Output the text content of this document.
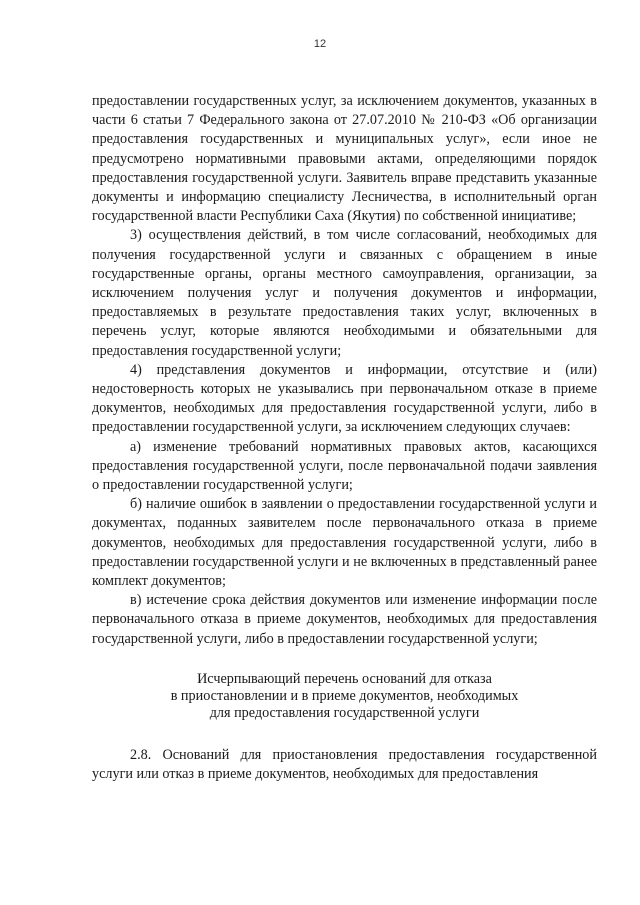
12

предоставлении государственных услуг, за исключением документов, указанных в части 6 статьи 7 Федерального закона от 27.07.2010 № 210-ФЗ «Об организации предоставления государственных и муниципальных услуг», если иное не предусмотрено нормативными правовыми актами, определяющими порядок предоставления государственной услуги. Заявитель вправе представить указанные документы и информацию специалисту Лесничества, в исполнительный орган государственной власти Республики Саха (Якутия) по собственной инициативе;

3) осуществления действий, в том числе согласований, необходимых для получения государственной услуги и связанных с обращением в иные государственные органы, органы местного самоуправления, организации, за исключением получения услуг и получения документов и информации, предоставляемых в результате предоставления таких услуг, включенных в перечень услуг, которые являются необходимыми и обязательными для предоставления государственной услуги;

4) представления документов и информации, отсутствие и (или) недостоверность которых не указывались при первоначальном отказе в приеме документов, необходимых для предоставления государственной услуги, либо в предоставлении государственной услуги, за исключением следующих случаев:

а) изменение требований нормативных правовых актов, касающихся предоставления государственной услуги, после первоначальной подачи заявления о предоставлении государственной услуги;

б) наличие ошибок в заявлении о предоставлении государственной услуги и документах, поданных заявителем после первоначального отказа в приеме документов, необходимых для предоставления государственной услуги, либо в предоставлении государственной услуги и не включенных в представленный ранее комплект документов;

в) истечение срока действия документов или изменение информации после первоначального отказа в приеме документов, необходимых для предоставления государственной услуги, либо в предоставлении государственной услуги;

Исчерпывающий перечень оснований для отказа
в приостановлении и в приеме документов, необходимых
для предоставления государственной услуги

2.8. Оснований для приостановления предоставления государственной услуги или отказ в приеме документов, необходимых для предоставления
